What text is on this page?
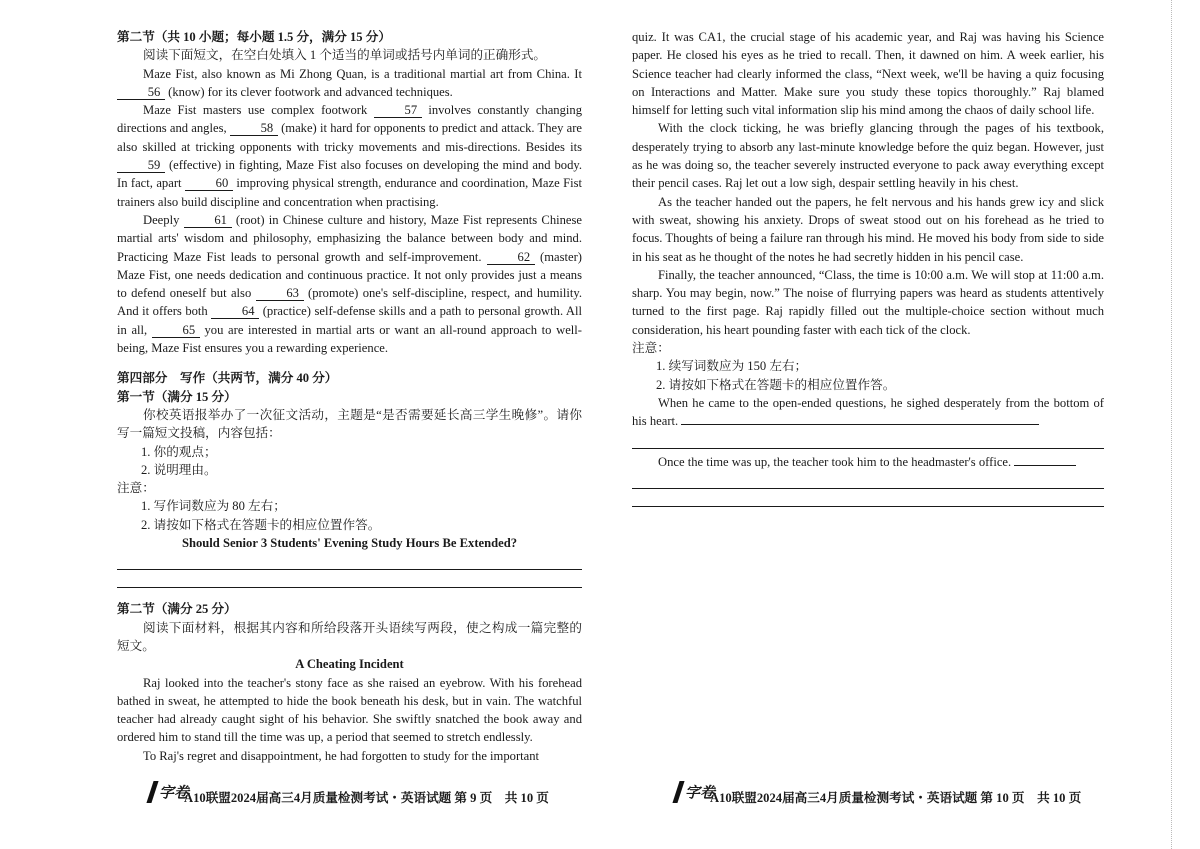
第二节（共 10 小题；每小题 1.5 分，满分 15 分）

阅读下面短文，在空白处填入 1 个适当的单词或括号内单词的正确形式。

Maze Fist, also known as Mi Zhong Quan, is a traditional martial art from China. It 56 (know) for its clever footwork and advanced techniques.

Maze Fist masters use complex footwork	57 involves constantly changing directions and angles,	58 (make) it hard for opponents to predict and attack. They are also skilled at tricking opponents with tricky movements and mis-directions. Besides its 59 (effective) in fighting, Maze Fist also focuses on developing the mind and body. In fact, apart	60 improving physical strength, endurance and coordination, Maze Fist trainers also build discipline and concentration when practising.

Deeply	61 (root) in Chinese culture and history, Maze Fist represents Chinese martial arts' wisdom and philosophy, emphasizing the balance between body and mind. Practicing Maze Fist leads to personal growth and self-improvement.	62 (master) Maze Fist, one needs dedication and continuous practice. It not only provides just a means to defend oneself but also	63 (promote) one's self-discipline, respect, and humility. And it offers both	64 (practice) self-defense skills and a path to personal growth. All in all,	65 you are interested in martial arts or want an all-round approach to well-being, Maze Fist ensures you a rewarding experience.

第四部分　写作（共两节，满分 40 分）

第一节（满分 15 分）

你校英语报举办了一次征文活动，主题是“是否需要延长高三学生晚修”。请你写一篇短文投稿，内容包括：

1. 你的观点；

2. 说明理由。

注意：

1. 写作词数应为 80 左右；

2. 请按如下格式在答题卡的相应位置作答。

Should Senior 3 Students' Evening Study Hours Be Extended?

第二节（满分 25 分）

阅读下面材料，根据其内容和所给段落开头语续写两段，使之构成一篇完整的短文。

A Cheating Incident

Raj looked into the teacher's stony face as she raised an eyebrow. With his forehead bathed in sweat, he attempted to hide the book beneath his desk, but in vain. The watchful teacher had already caught sight of his behavior. She swiftly snatched the book away and ordered him to stand till the time was up, a period that seemed to stretch endlessly.

To Raj's regret and disappointment, he had forgotten to study for the important

quiz. It was CA1, the crucial stage of his academic year, and Raj was having his Science paper. He closed his eyes as he tried to recall. Then, it dawned on him. A week earlier, his Science teacher had clearly informed the class, “Next week, we'll be having a quiz focusing on Interactions and Matter. Make sure you study these topics thoroughly.” Raj blamed himself for letting such vital information slip his mind among the chaos of daily school life.

With the clock ticking, he was briefly glancing through the pages of his textbook, desperately trying to absorb any last-minute knowledge before the quiz began. However, just as he was doing so, the teacher severely instructed everyone to pack away everything except their pencil cases. Raj let out a low sigh, despair settling heavily in his chest.

As the teacher handed out the papers, he felt nervous and his hands grew icy and slick with sweat, showing his anxiety. Drops of sweat stood out on his forehead as he tried to focus. Thoughts of being a failure ran through his mind. He moved his body from side to side in his seat as he thought of the notes he had secretly hidden in his pencil case.

Finally, the teacher announced, “Class, the time is 10:00 a.m. We will stop at 11:00 a.m. sharp. You may begin, now.” The noise of flurrying papers was heard as students attentively turned to the first page. Raj rapidly filled out the multiple-choice section without much consideration, his heart pounding faster with each tick of the clock.

注意：

1. 续写词数应为 150 左右；

2. 请按如下格式在答题卡的相应位置作答。

When he came to the open-ended questions, he sighed desperately from the bottom of his heart.

Once the time was up, the teacher took him to the headmaster's office.

字卷
A10联盟2024届高三4月质量检测考试・英语试题 第 9 页　共 10 页	字卷
A10联盟2024届高三4月质量检测考试・英语试题 第 10 页　共 10 页
